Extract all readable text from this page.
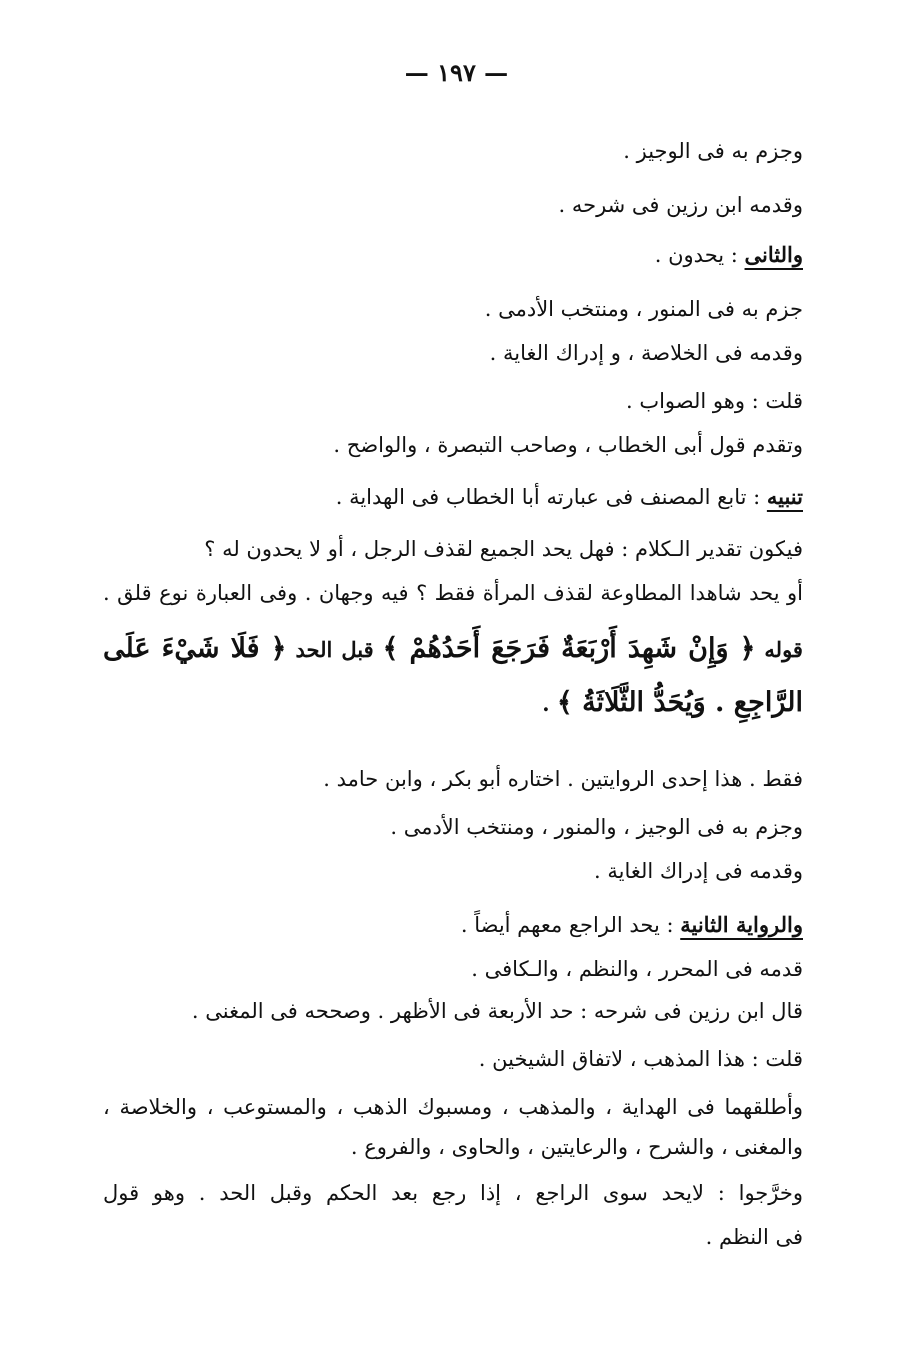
— ١٩٧ —
وجزم به فى الوجيز .
وقدمه ابن رزين فى شرحه .
والثانى : يحدون .
جزم به فى المنور ، ومنتخب الأدمى .
وقدمه فى الخلاصة ، و إدراك الغاية .
قلت : وهو الصواب .
وتقدم قول أبى الخطاب ، وصاحب التبصرة ، والواضح .
تنبيه : تابع المصنف فى عبارته أبا الخطاب فى الهداية .
فيكون تقدير الـكلام : فهل يحد الجميع لقذف الرجل ، أو لا يحدون له ؟
أو يحد شاهدا المطاوعة لقذف المرأة فقط ؟ فيه وجهان . وفى العبارة نوع قلق .
قوله ﴿ وَإِنْ شَهِدَ أَرْبَعَةٌ فَرَجَعَ أَحَدُهُمْ ﴾ قبل الحد ﴿ فَلَا شَيْءَ عَلَى
الرَّاجِعِ . وَيُحَدُّ الثَّلَاثَةُ ﴾ .
فقط . هذا إحدى الروايتين . اختاره أبو بكر ، وابن حامد .
وجزم به فى الوجيز ، والمنور ، ومنتخب الأدمى .
وقدمه فى إدراك الغاية .
والرواية الثانية : يحد الراجع معهم أيضاً .
قدمه فى المحرر ، والنظم ، والـكافى .
قال ابن رزين فى شرحه : حد الأربعة فى الأظهر . وصححه فى المغنى .
قلت : هذا المذهب ، لاتفاق الشيخين .
وأطلقهما فى الهداية ، والمذهب ، ومسبوك الذهب ، والمستوعب ، والخلاصة ،
والمغنى ، والشرح ، والرعايتين ، والحاوى ، والفروع .
وخرَّجوا : لايحد سوى الراجع ، إذا رجع بعد الحكم وقبل الحد . وهو قول
فى النظم .
